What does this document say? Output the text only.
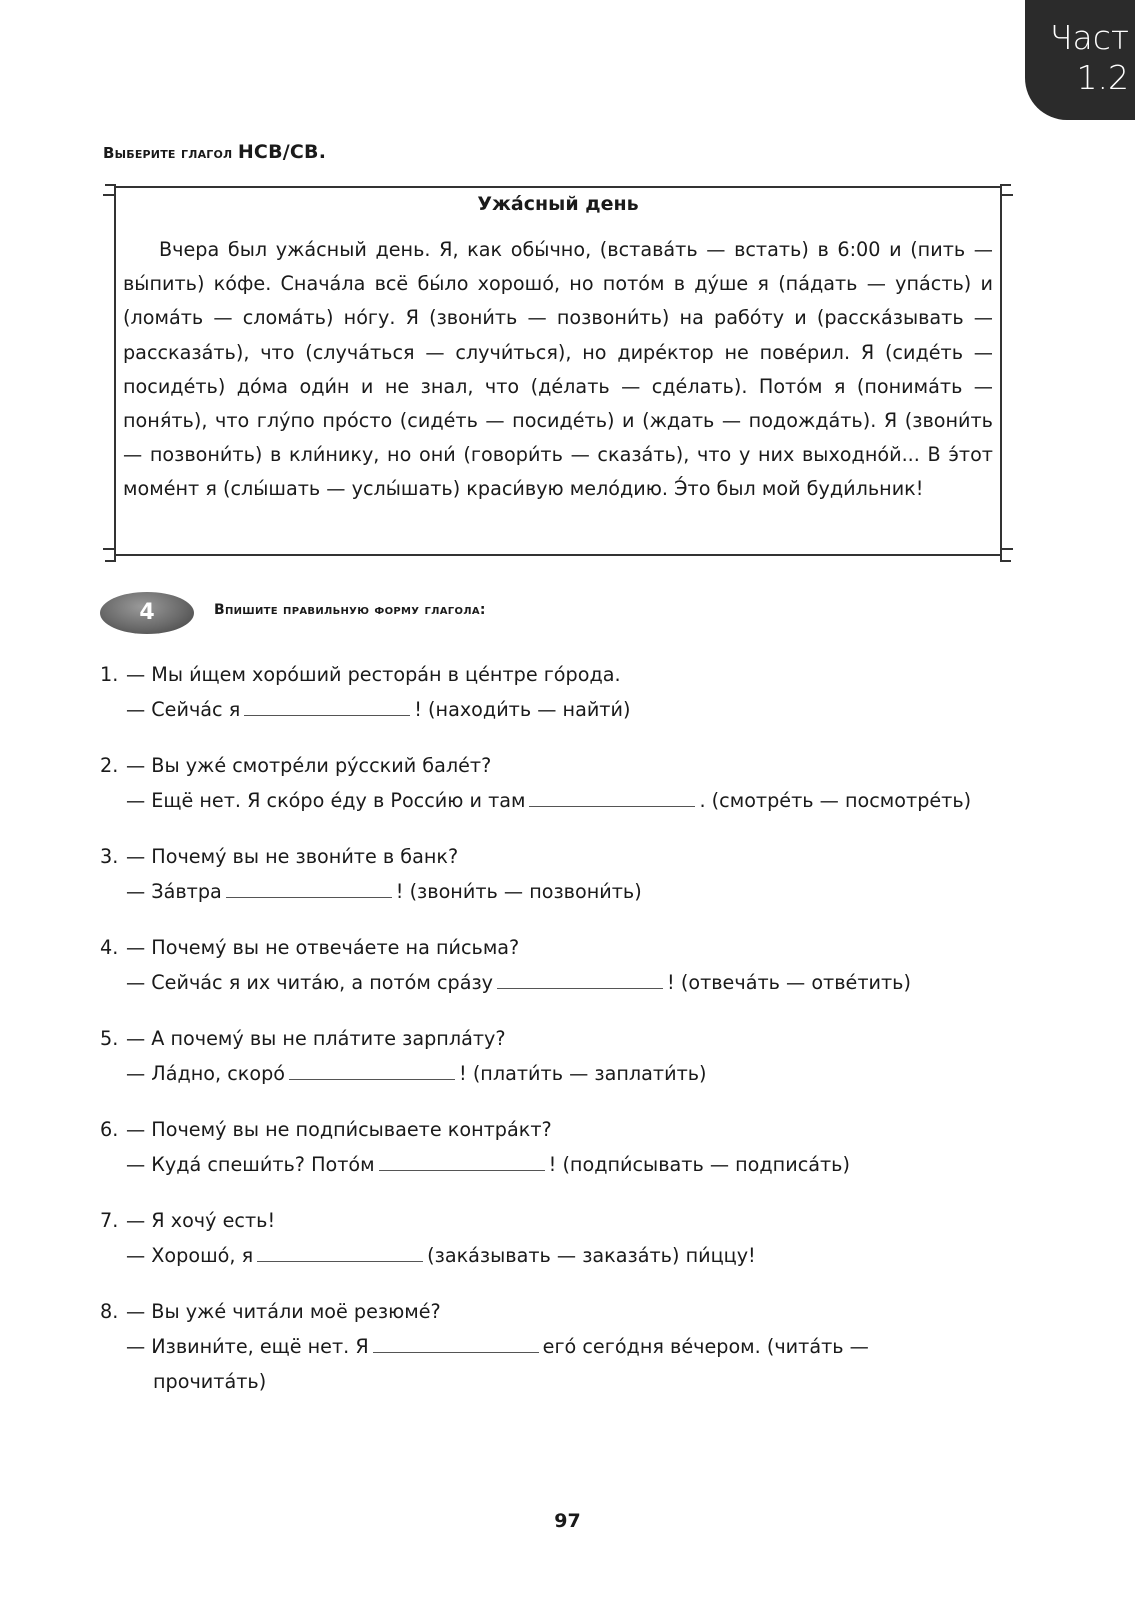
Част
1.2
Выберите глагол НСВ/СВ.
Ужа́сный день

Вчера был ужа́сный день. Я, как обы́чно, (встава́ть — встать) в 6:00 и (пить — вы́пить) ко́фе. Снача́ла всё бы́ло хорошо́, но пото́м в ду́ше я (па́дать — упа́сть) и (лома́ть — слома́ть) но́гу. Я (звони́ть — позвони́ть) на рабо́ту и (расска́зывать — рассказа́ть), что (случа́ться — случи́ться), но дире́ктор не пове́рил. Я (сиде́ть — посиде́ть) до́ма оди́н и не знал, что (де́лать — сде́лать). Пото́м я (понима́ть — поня́ть), что глу́по про́сто (сиде́ть — посиде́ть) и (ждать — подожда́ть). Я (звони́ть — позвони́ть) в кли́нику, но они́ (говори́ть — сказа́ть), что у них выходно́й... В э́тот моме́нт я (слы́шать — услы́шать) краси́вую мело́дию. Э́то был мой буди́льник!

4	Впишите правильную форму глагола:
1. — Мы и́щем хоро́ший рестора́н в це́нтре го́рода.
— Сейча́с я	! (находи́ть — найти́)
2. — Вы уже́ смотре́ли ру́сский бале́т?
— Ещё нет. Я ско́ро е́ду в Росси́ю и там	. (смотре́ть — посмотре́ть)
3. — Почему́ вы не звони́те в банк?
— За́втра	! (звони́ть — позвони́ть)
4. — Почему́ вы не отвеча́ете на пи́сьма?
— Сейча́с я их чита́ю, а пото́м сра́зу	! (отвеча́ть — отве́тить)
5. — А почему́ вы не пла́тите зарпла́ту?
— Ла́дно, скоро́	! (плати́ть — заплати́ть)
6. — Почему́ вы не подпи́сываете контра́кт?
— Куда́ спеши́ть? Пото́м	! (подпи́сывать — подписа́ть)
7. — Я хочу́ есть!
— Хорошо́, я	(зака́зывать — заказа́ть) пи́ццу!
8. — Вы уже́ чита́ли моё резюме́?
— Извини́те, ещё нет. Я	его́ сего́дня ве́чером. (чита́ть —
прочита́ть)
97
